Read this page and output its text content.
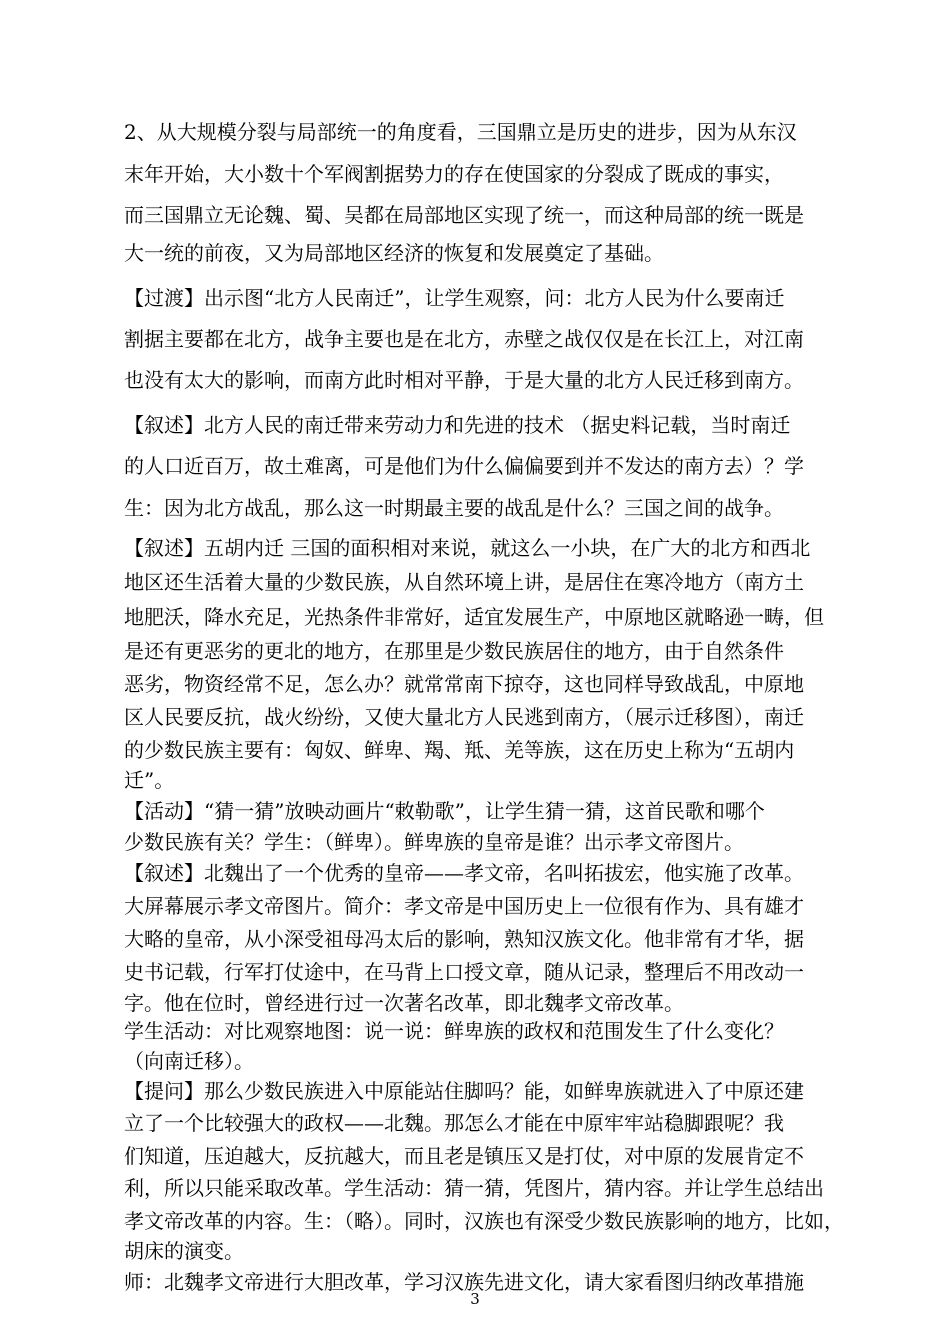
2、从大规模分裂与局部统一的角度看，三国鼎立是历史的进步，因为从东汉
末年开始，大小数十个军阀割据势力的存在使国家的分裂成了既成的事实，
而三国鼎立无论魏、蜀、吴都在局部地区实现了统一，而这种局部的统一既是
大一统的前夜，又为局部地区经济的恢复和发展奠定了基础。
【过渡】出示图“北方人民南迁”，让学生观察，问：北方人民为什么要南迁
割据主要都在北方，战争主要也是在北方，赤壁之战仅仅是在长江上，对江南
也没有太大的影响，而南方此时相对平静，于是大量的北方人民迁移到南方。
【叙述】北方人民的南迁带来劳动力和先进的技术 （据史料记载，当时南迁
的人口近百万，故土难离，可是他们为什么偏偏要到并不发达的南方去）？学
生：因为北方战乱，那么这一时期最主要的战乱是什么？三国之间的战争。
【叙述】五胡内迁 三国的面积相对来说，就这么一小块，在广大的北方和西北
地区还生活着大量的少数民族，从自然环境上讲，是居住在寒冷地方（南方土
地肥沃，降水充足，光热条件非常好，适宜发展生产，中原地区就略逊一畴，但
是还有更恶劣的更北的地方，在那里是少数民族居住的地方，由于自然条件
恶劣，物资经常不足，怎么办？就常常南下掠夺，这也同样导致战乱，中原地
区人民要反抗，战火纷纷，又使大量北方人民逃到南方，（展示迁移图），南迁
的少数民族主要有：匈奴、鲜卑、羯、羝、羌等族，这在历史上称为“五胡内
迁”。
【活动】“猜一猜”放映动画片“敕勒歌”，让学生猜一猜，这首民歌和哪个
少数民族有关？学生：（鲜卑）。鲜卑族的皇帝是谁？出示孝文帝图片。
【叙述】北魏出了一个优秀的皇帝——孝文帝，名叫拓拔宏，他实施了改革。
大屏幕展示孝文帝图片。简介：孝文帝是中国历史上一位很有作为、具有雄才
大略的皇帝，从小深受祖母冯太后的影响，熟知汉族文化。他非常有才华，据
史书记载，行军打仗途中，在马背上口授文章，随从记录，整理后不用改动一
字。他在位时，曾经进行过一次著名改革，即北魏孝文帝改革。
学生活动：对比观察地图：说一说：鲜卑族的政权和范围发生了什么变化？
（向南迁移）。
【提问】那么少数民族进入中原能站住脚吗？能，如鲜卑族就进入了中原还建
立了一个比较强大的政权——北魏。那怎么才能在中原牢牢站稳脚跟呢？我
们知道，压迫越大，反抗越大，而且老是镇压又是打仗，对中原的发展肯定不
利，所以只能采取改革。学生活动：猜一猜，凭图片，猜内容。并让学生总结出
孝文帝改革的内容。生：（略）。同时，汉族也有深受少数民族影响的地方，比如，
胡床的演变。
师：北魏孝文帝进行大胆改革，学习汉族先进文化，请大家看图归纳改革措施
3
